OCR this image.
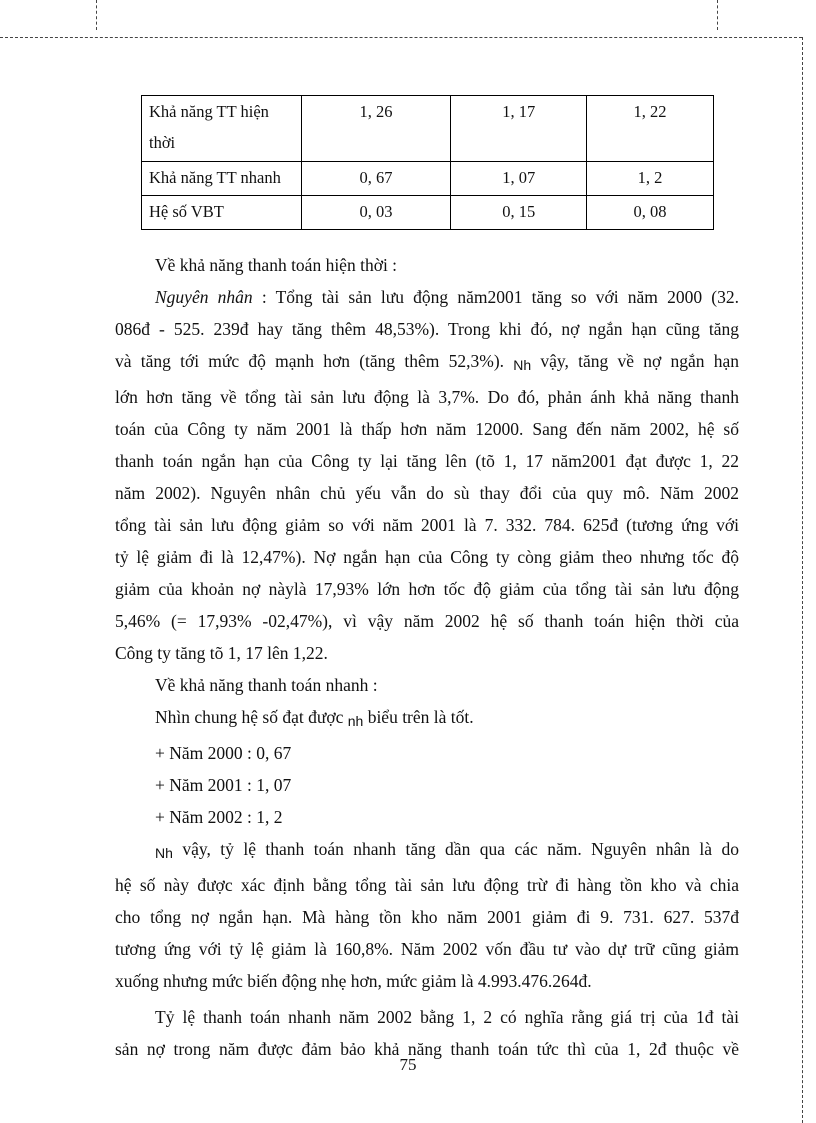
Khả năng TT hiện thời	1, 26	1, 17	1, 22
Khả năng TT nhanh	0, 67	1, 07	1, 2
Hệ số VBT	0, 03	0, 15	0, 08

Về khả năng thanh toán hiện thời :

Nguyên nhân : Tổng tài sản lưu động năm2001 tăng so với năm 2000 (32.

086đ - 525. 239đ hay tăng thêm 48,53%). Trong khi đó, nợ ngắn hạn cũng tăng

và tăng tới mức độ mạnh hơn (tăng thêm 52,3%). Nh vậy, tăng về nợ ngắn hạn

lớn hơn tăng về tổng tài sản lưu động là 3,7%. Do đó, phản ánh khả năng thanh

toán của Công ty năm 2001 là thấp hơn năm 12000. Sang đến năm 2002, hệ số

thanh toán ngắn hạn của Công ty lại tăng lên (tõ 1, 17 năm2001 đạt được 1, 22

năm 2002). Nguyên nhân chủ yếu vẫn do sù thay đổi của quy mô. Năm 2002

tổng tài sản lưu động giảm so với năm 2001 là 7. 332. 784. 625đ (tương ứng với

tỷ lệ giảm đi là 12,47%). Nợ ngắn hạn của Công ty còng giảm theo nhưng tốc độ

giảm của khoản nợ nàylà 17,93% lớn hơn tốc độ giảm của tổng tài sản lưu động

5,46% (= 17,93% -02,47%), vì vậy năm 2002 hệ số thanh toán hiện thời của

Công ty tăng tõ 1, 17 lên 1,22.

Về khả năng thanh toán nhanh :

Nhìn chung hệ số đạt được nh biểu trên là tốt.

+ Năm 2000 : 0, 67

+ Năm 2001 : 1, 07

+ Năm 2002 : 1, 2

Nh vậy, tỷ lệ thanh toán nhanh tăng dần qua các năm. Nguyên nhân là do

hệ số này được xác định bằng tổng tài sản lưu động trừ đi hàng tồn kho và chia

cho tổng nợ ngắn hạn. Mà hàng tồn kho năm 2001 giảm đi 9. 731. 627. 537đ

tương ứng với tỷ lệ giảm là 160,8%. Năm 2002 vốn đầu tư vào dự trữ cũng giảm

xuống nhưng mức biến động nhẹ hơn, mức giảm là 4.993.476.264đ.

Tỷ lệ thanh toán nhanh năm 2002 bằng 1, 2 có nghĩa rằng giá trị của 1đ tài

sản nợ trong năm được đảm bảo khả năng thanh toán tức thì của 1, 2đ thuộc về

75
